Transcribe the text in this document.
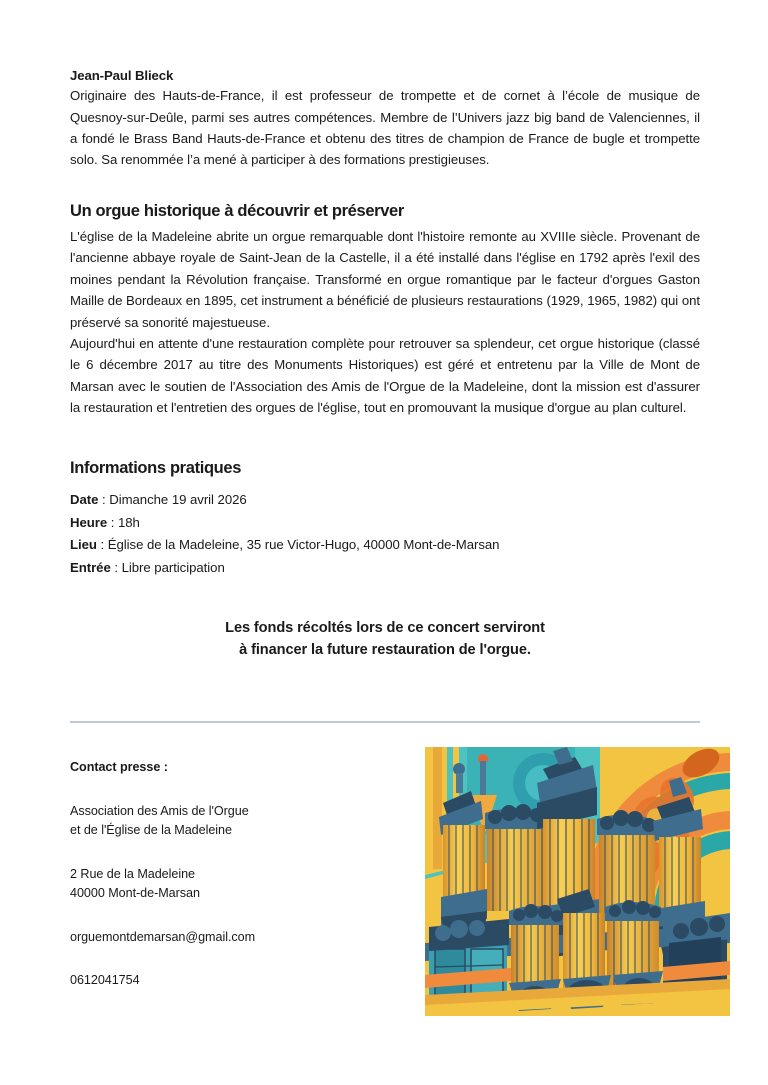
Jean-Paul Blieck

Originaire des Hauts-de-France, il est professeur de trompette et de cornet à l’école de musique de Quesnoy-sur-Deûle, parmi ses autres compétences. Membre de l’Univers jazz big band de Valenciennes, il a fondé le Brass Band Hauts-de-France et obtenu des titres de champion de France de bugle et trompette solo. Sa renommée l’a mené à participer à des formations prestigieuses.

Un orgue historique à découvrir et préserver

L'église de la Madeleine abrite un orgue remarquable dont l'histoire remonte au XVIIIe siècle. Provenant de l'ancienne abbaye royale de Saint-Jean de la Castelle, il a été installé dans l'église en 1792 après l'exil des moines pendant la Révolution française. Transformé en orgue romantique par le facteur d'orgues Gaston Maille de Bordeaux en 1895, cet instrument a bénéficié de plusieurs restaurations (1929, 1965, 1982) qui ont préservé sa sonorité majestueuse.

Aujourd'hui en attente d'une restauration complète pour retrouver sa splendeur, cet orgue historique (classé le 6 décembre 2017 au titre des Monuments Historiques) est géré et entretenu par la Ville de Mont de Marsan avec le soutien de l'Association des Amis de l'Orgue de la Madeleine, dont la mission est d'assurer la restauration et l'entretien des orgues de l'église, tout en promouvant la musique d'orgue au plan culturel.

Informations pratiques
Date : Dimanche 19 avril 2026
Heure : 18h
Lieu : Église de la Madeleine, 35 rue Victor-Hugo, 40000 Mont-de-Marsan
Entrée : Libre participation

Les fonds récoltés lors de ce concert serviront
à financer la future restauration de l'orgue.

Contact presse :
Association des Amis de l'Orgue
et de l'Église de la Madeleine
2 Rue de la Madeleine
40000 Mont-de-Marsan
orguemontdemarsan@gmail.com
0612041754
